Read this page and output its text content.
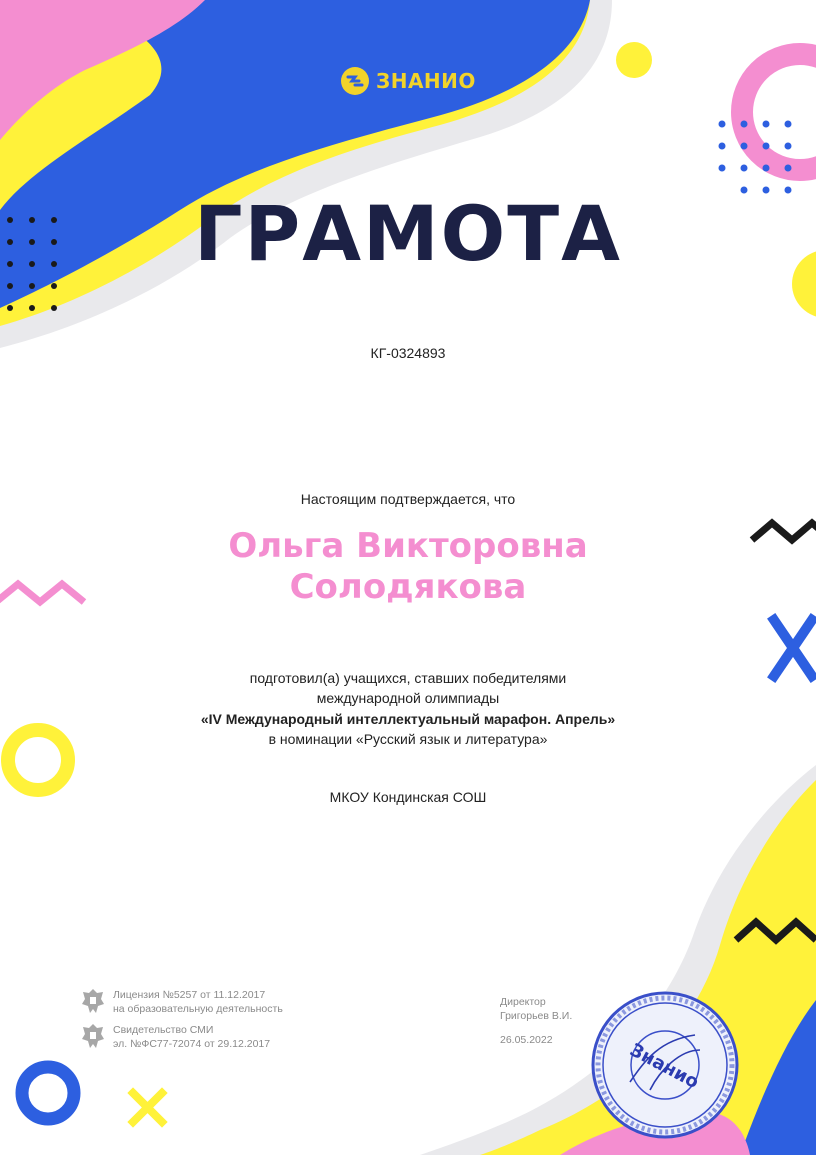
ЗНАНИО
ГРАМОТА
КГ-0324893
Настоящим подтверждается, что
Ольга Викторовна
Солодякова
подготовил(а) учащихся, ставших победителями
международной олимпиады
«IV Международный интеллектуальный марафон. Апрель»
в номинации «Русский язык и литература»
МКОУ Кондинская СОШ
Лицензия №5257 от 11.12.2017
на образовательную деятельность
Свидетельство СМИ
эл. №ФС77-72074 от 29.12.2017
Директор
Григорьев В.И.
26.05.2022	Знанио
